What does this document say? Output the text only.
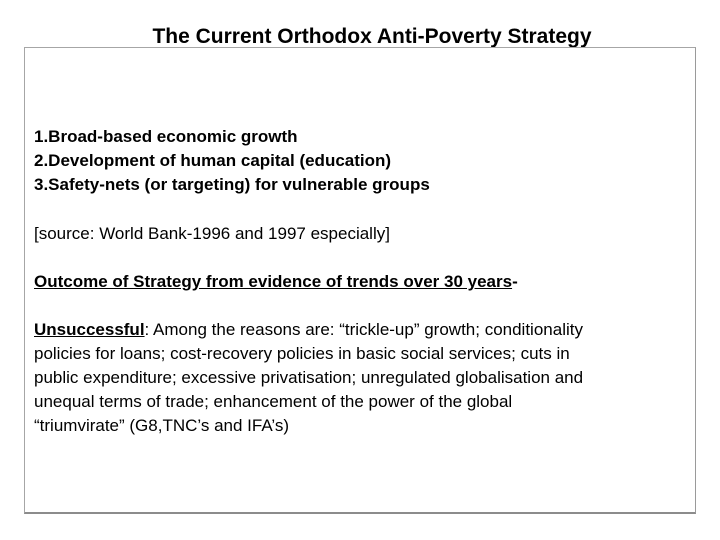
The Current Orthodox Anti-Poverty Strategy
1.Broad-based economic growth
2.Development of human capital (education)
3.Safety-nets (or targeting) for vulnerable groups
[source: World Bank-1996 and 1997 especially]
Outcome of Strategy from evidence of trends over 30 years-
Unsuccessful: Among the reasons are: “trickle-up” growth; conditionality
policies for loans; cost-recovery policies in basic social services; cuts in
public expenditure; excessive privatisation; unregulated globalisation and
unequal terms of trade; enhancement of the power of the global
“triumvirate” (G8,TNC’s and IFA’s)
